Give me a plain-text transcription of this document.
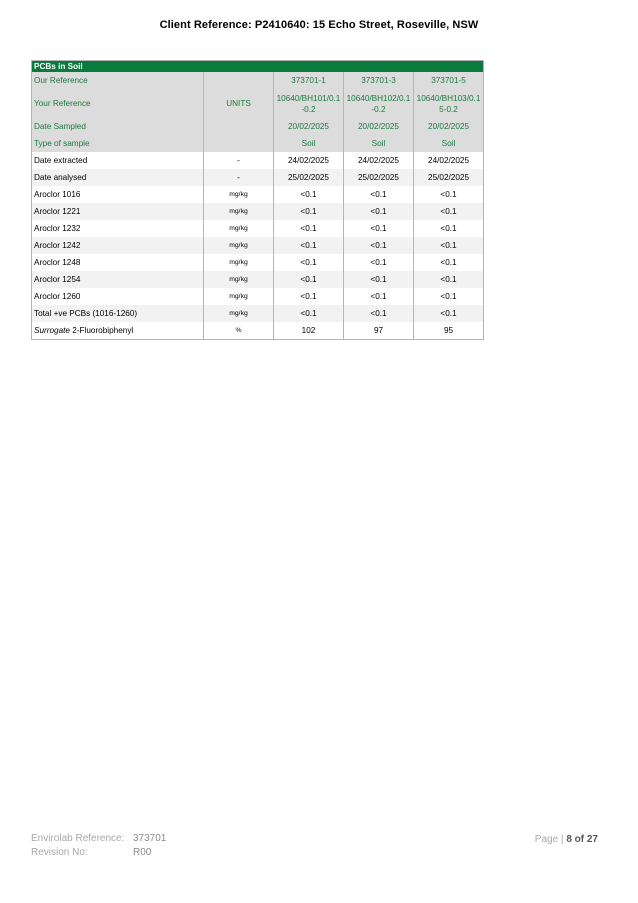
Client Reference: P2410640: 15 Echo Street, Roseville, NSW
PCBs in Soil				
Our Reference		373701-1	373701-3	373701-5
Your Reference	UNITS	10640/BH101/0.1-0.2	10640/BH102/0.1-0.2	10640/BH103/0.15-0.2
Date Sampled		20/02/2025	20/02/2025	20/02/2025
Type of sample		Soil	Soil	Soil
Date extracted	-	24/02/2025	24/02/2025	24/02/2025
Date analysed	-	25/02/2025	25/02/2025	25/02/2025
Aroclor 1016	mg/kg	<0.1	<0.1	<0.1
Aroclor 1221	mg/kg	<0.1	<0.1	<0.1
Aroclor 1232	mg/kg	<0.1	<0.1	<0.1
Aroclor 1242	mg/kg	<0.1	<0.1	<0.1
Aroclor 1248	mg/kg	<0.1	<0.1	<0.1
Aroclor 1254	mg/kg	<0.1	<0.1	<0.1
Aroclor 1260	mg/kg	<0.1	<0.1	<0.1
Total +ve PCBs (1016-1260)	mg/kg	<0.1	<0.1	<0.1
Surrogate 2-Fluorobiphenyl	%	102	97	95
Envirolab Reference: 373701
Revision No:	R00
Page | 8 of 27
